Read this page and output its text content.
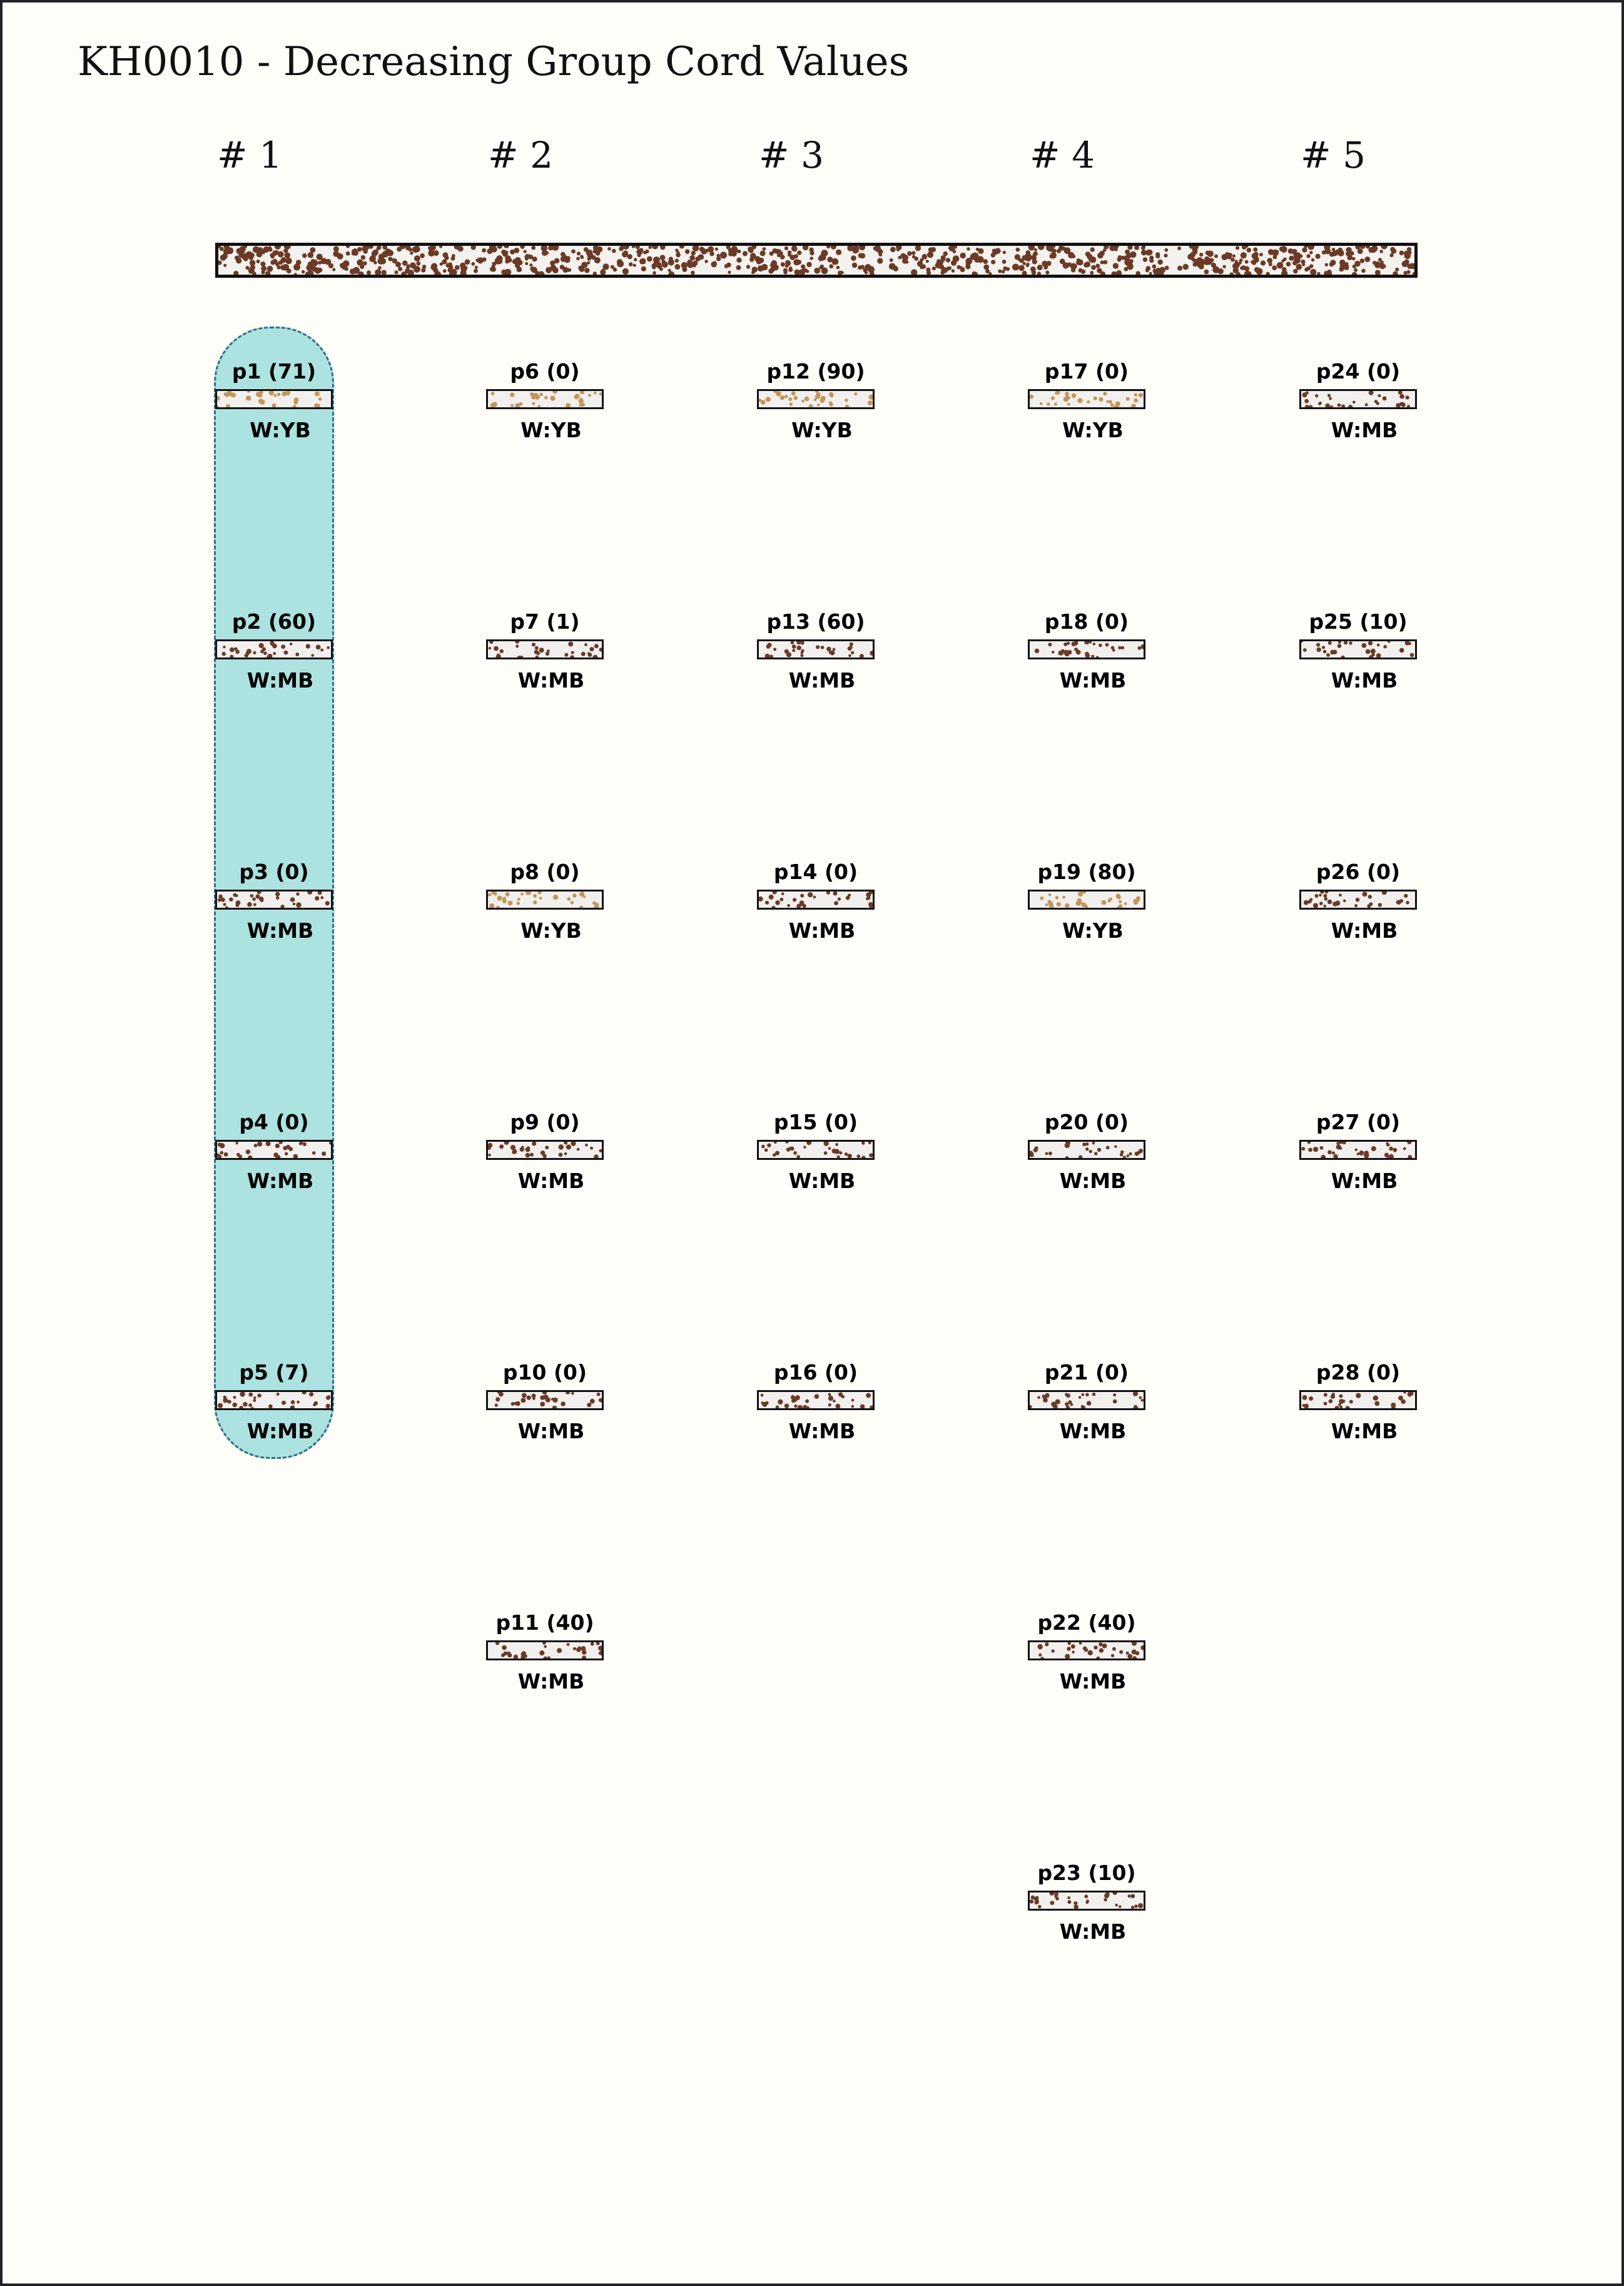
KH0010 - Decreasing Group Cord Values
# 1
p1 (71)
W:YB
p2 (60)
W:MB
p3 (0)
W:MB
p4 (0)
W:MB
p5 (7)
W:MB
# 2
p6 (0)
W:YB
p7 (1)
W:MB
p8 (0)
W:YB
p9 (0)
W:MB
p10 (0)
W:MB
p11 (40)
W:MB
# 3
p12 (90)
W:YB
p13 (60)
W:MB
p14 (0)
W:MB
p15 (0)
W:MB
p16 (0)
W:MB
# 4
p17 (0)
W:YB
p18 (0)
W:MB
p19 (80)
W:YB
p20 (0)
W:MB
p21 (0)
W:MB
p22 (40)
W:MB
p23 (10)
W:MB
# 5
p24 (0)
W:MB
p25 (10)
W:MB
p26 (0)
W:MB
p27 (0)
W:MB
p28 (0)
W:MB
